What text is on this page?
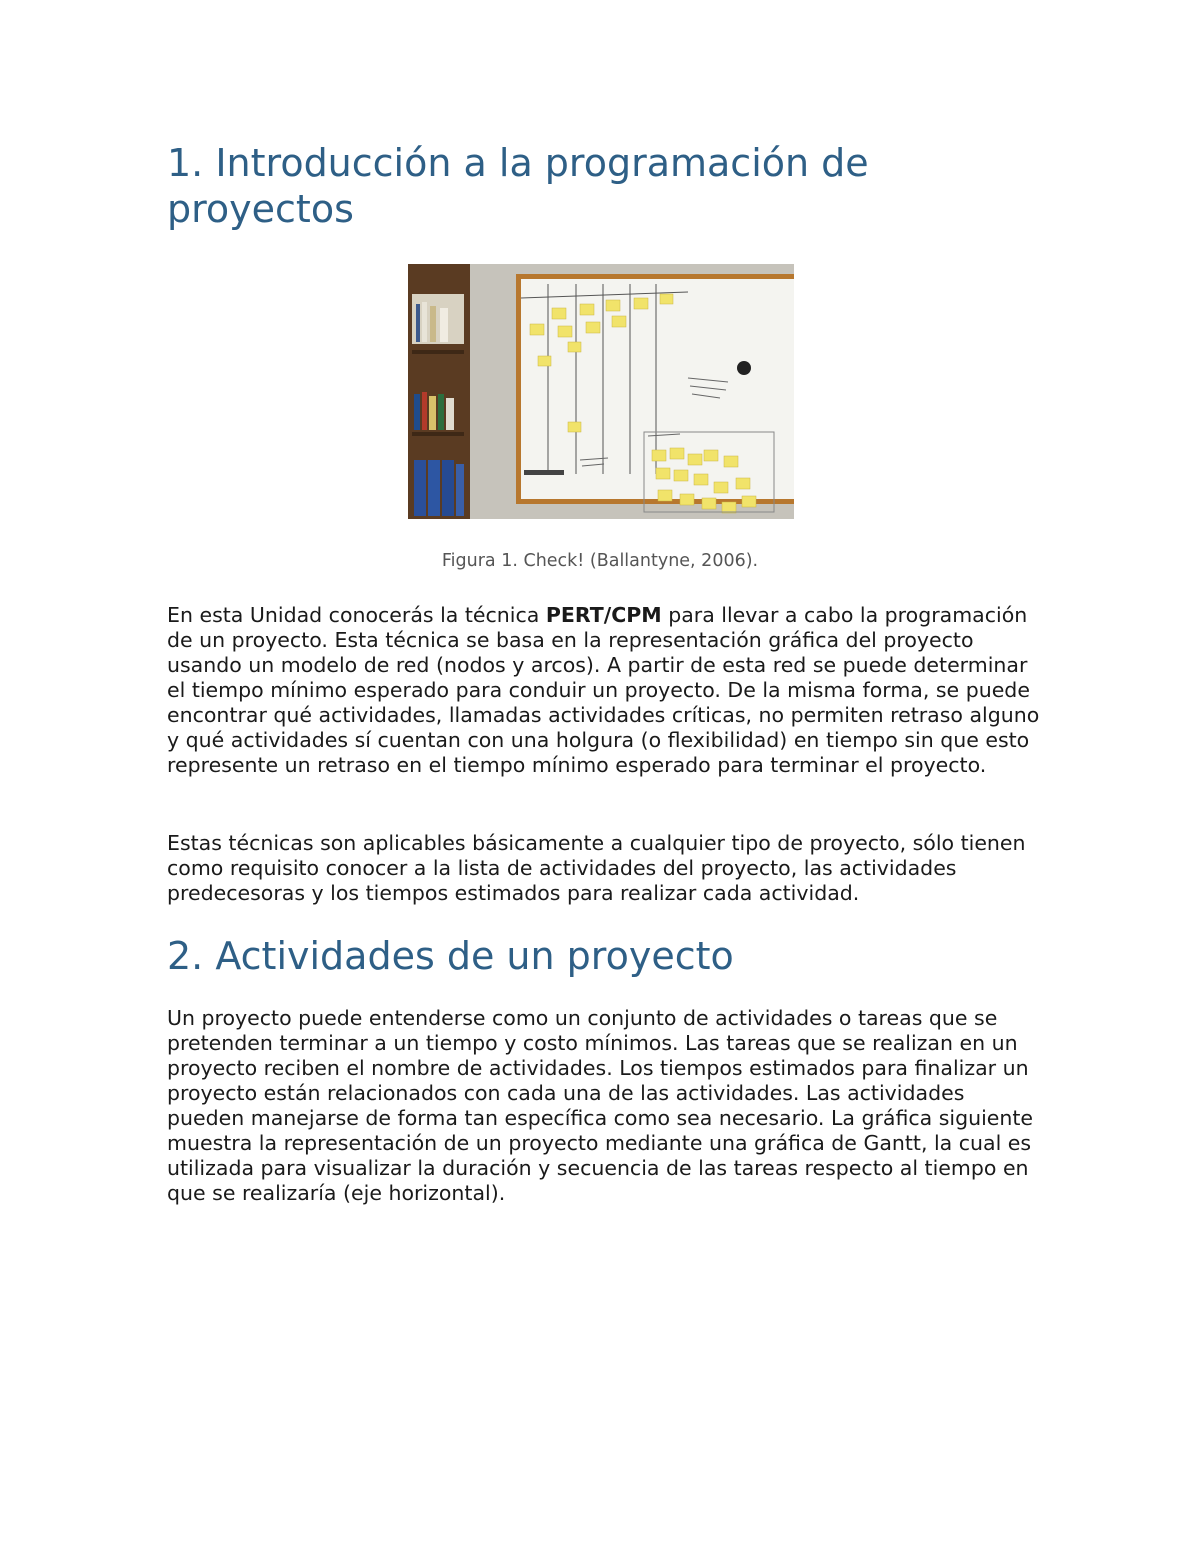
1. Introducción a la programación de proyectos
Figura 1. Check! (Ballantyne, 2006).

En esta Unidad conocerás la técnica PERT/CPM para llevar a cabo la programación de un proyecto. Esta técnica se basa en la representación gráfica del proyecto usando un modelo de red (nodos y arcos). A partir de esta red se puede determinar el tiempo mínimo esperado para conduir un proyecto. De la misma forma, se puede encontrar qué actividades, llamadas actividades críticas, no permiten retraso alguno y qué actividades sí cuentan con una holgura (o flexibilidad) en tiempo sin que esto represente un retraso en el tiempo mínimo esperado para terminar el proyecto.

Estas técnicas son aplicables básicamente a cualquier tipo de proyecto, sólo tienen como requisito conocer a la lista de actividades del proyecto, las actividades predecesoras y los tiempos estimados para realizar cada actividad.

2. Actividades de un proyecto

Un proyecto puede entenderse como un conjunto de actividades o tareas que se pretenden terminar a un tiempo y costo mínimos. Las tareas que se realizan en un proyecto reciben el nombre de actividades. Los tiempos estimados para finalizar un proyecto están relacionados con cada una de las actividades. Las actividades pueden manejarse de forma tan específica como sea necesario. La gráfica siguiente muestra la representación de un proyecto mediante una gráfica de Gantt, la cual es utilizada para visualizar la duración y secuencia de las tareas respecto al tiempo en que se realizaría (eje horizontal).
